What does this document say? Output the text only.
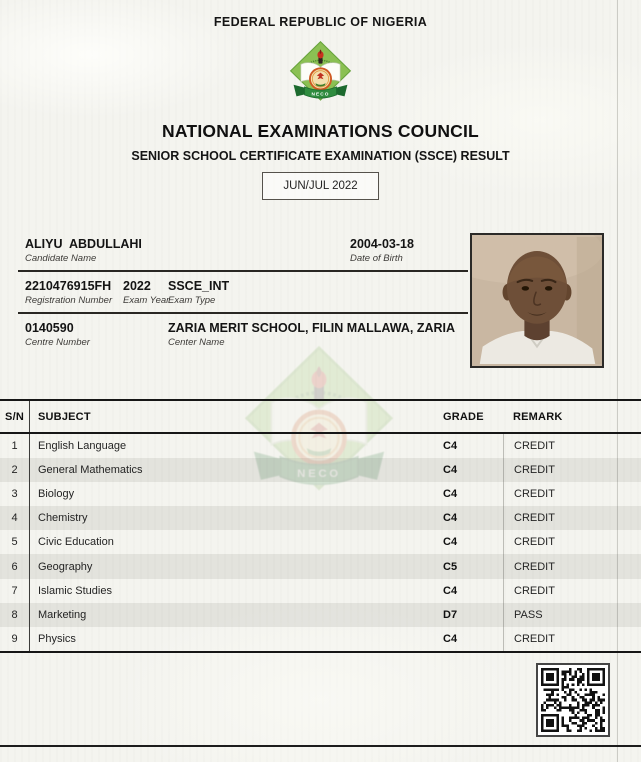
FEDERAL REPUBLIC OF NIGERIA
NATIONAL EXAMINATIONS COUNCIL
SENIOR SCHOOL CERTIFICATE EXAMINATION (SSCE) RESULT
JUN/JUL 2022
ALIYU  ABDULLAHI
Candidate Name
2004-03-18
Date of Birth
2210476915FH
Registration Number
2022
Exam Year
SSCE_INT
Exam Type
0140590
Centre Number
ZARIA MERIT SCHOOL, FILIN MALLAWA, ZARIA
Center Name
S/N	SUBJECT	GRADE	REMARK
1	English Language	C4	CREDIT
2	General Mathematics	C4	CREDIT
3	Biology	C4	CREDIT
4	Chemistry	C4	CREDIT
5	Civic Education	C4	CREDIT
6	Geography	C5	CREDIT
7	Islamic Studies	C4	CREDIT
8	Marketing	D7	PASS
9	Physics	C4	CREDIT
